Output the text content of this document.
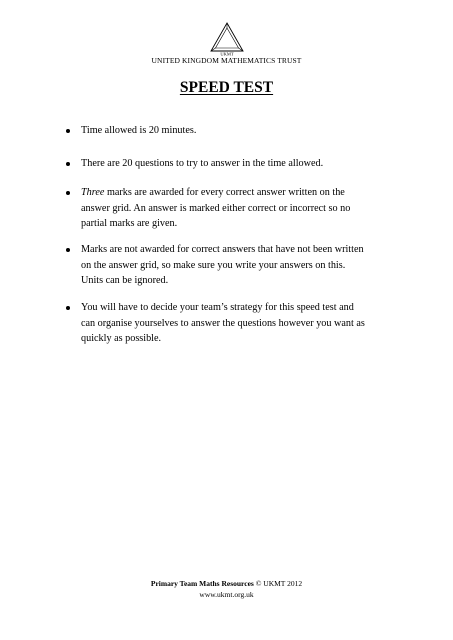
UKMT
UNITED KINGDOM MATHEMATICS TRUST
SPEED TEST
Time allowed is 20 minutes.
There are 20 questions to try to answer in the time allowed.
Three marks are awarded for every correct answer written on the answer grid. An answer is marked either correct or incorrect so no partial marks are given.
Marks are not awarded for correct answers that have not been written on the answer grid, so make sure you write your answers on this. Units can be ignored.
You will have to decide your team’s strategy for this speed test and can organise yourselves to answer the questions however you want as quickly as possible.
Primary Team Maths Resources © UKMT 2012
www.ukmt.org.uk
